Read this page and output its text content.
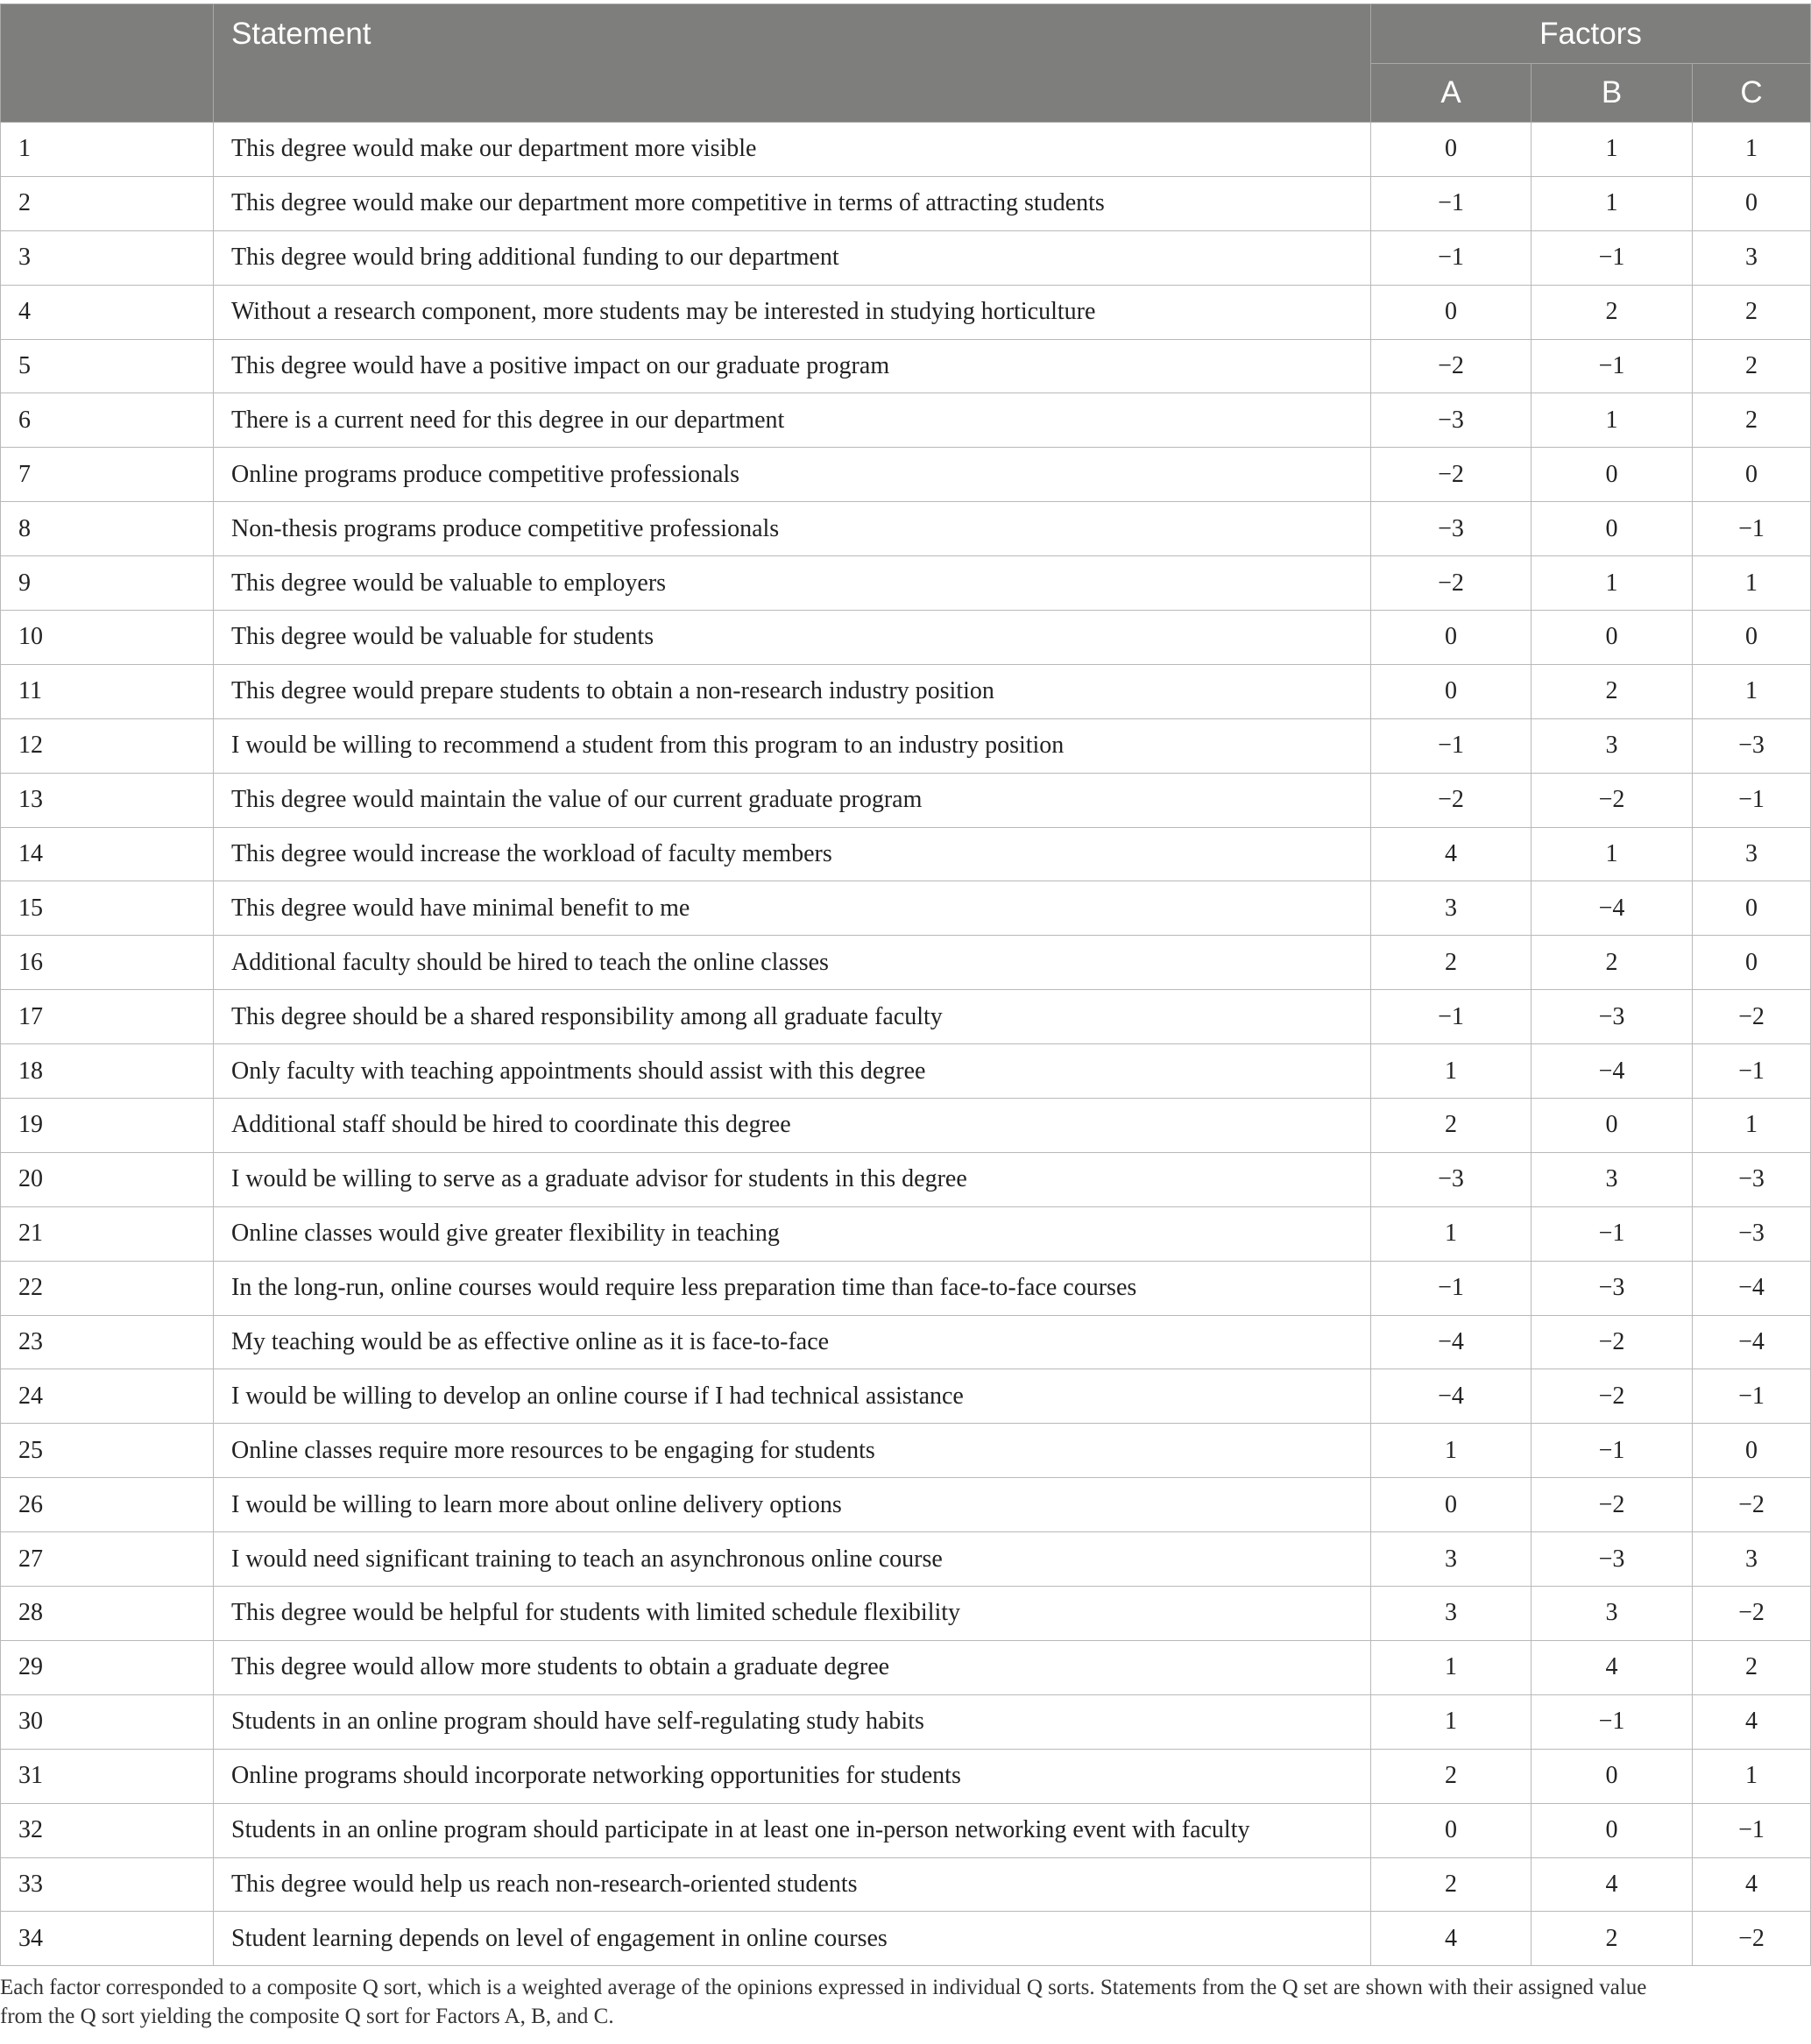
	Statement	Factors		
		A	B	C
1	This degree would make our department more visible	0	1	1
2	This degree would make our department more competitive in terms of attracting students	−1	1	0
3	This degree would bring additional funding to our department	−1	−1	3
4	Without a research component, more students may be interested in studying horticulture	0	2	2
5	This degree would have a positive impact on our graduate program	−2	−1	2
6	There is a current need for this degree in our department	−3	1	2
7	Online programs produce competitive professionals	−2	0	0
8	Non-thesis programs produce competitive professionals	−3	0	−1
9	This degree would be valuable to employers	−2	1	1
10	This degree would be valuable for students	0	0	0
11	This degree would prepare students to obtain a non-research industry position	0	2	1
12	I would be willing to recommend a student from this program to an industry position	−1	3	−3
13	This degree would maintain the value of our current graduate program	−2	−2	−1
14	This degree would increase the workload of faculty members	4	1	3
15	This degree would have minimal benefit to me	3	−4	0
16	Additional faculty should be hired to teach the online classes	2	2	0
17	This degree should be a shared responsibility among all graduate faculty	−1	−3	−2
18	Only faculty with teaching appointments should assist with this degree	1	−4	−1
19	Additional staff should be hired to coordinate this degree	2	0	1
20	I would be willing to serve as a graduate advisor for students in this degree	−3	3	−3
21	Online classes would give greater flexibility in teaching	1	−1	−3
22	In the long-run, online courses would require less preparation time than face-to-face courses	−1	−3	−4
23	My teaching would be as effective online as it is face-to-face	−4	−2	−4
24	I would be willing to develop an online course if I had technical assistance	−4	−2	−1
25	Online classes require more resources to be engaging for students	1	−1	0
26	I would be willing to learn more about online delivery options	0	−2	−2
27	I would need significant training to teach an asynchronous online course	3	−3	3
28	This degree would be helpful for students with limited schedule flexibility	3	3	−2
29	This degree would allow more students to obtain a graduate degree	1	4	2
30	Students in an online program should have self-regulating study habits	1	−1	4
31	Online programs should incorporate networking opportunities for students	2	0	1
32	Students in an online program should participate in at least one in-person networking event with faculty	0	0	−1
33	This degree would help us reach non-research-oriented students	2	4	4
34	Student learning depends on level of engagement in online courses	4	2	−2
Each factor corresponded to a composite Q sort, which is a weighted average of the opinions expressed in individual Q sorts. Statements from the Q set are shown with their assigned value
from the Q sort yielding the composite Q sort for Factors A, B, and C.
